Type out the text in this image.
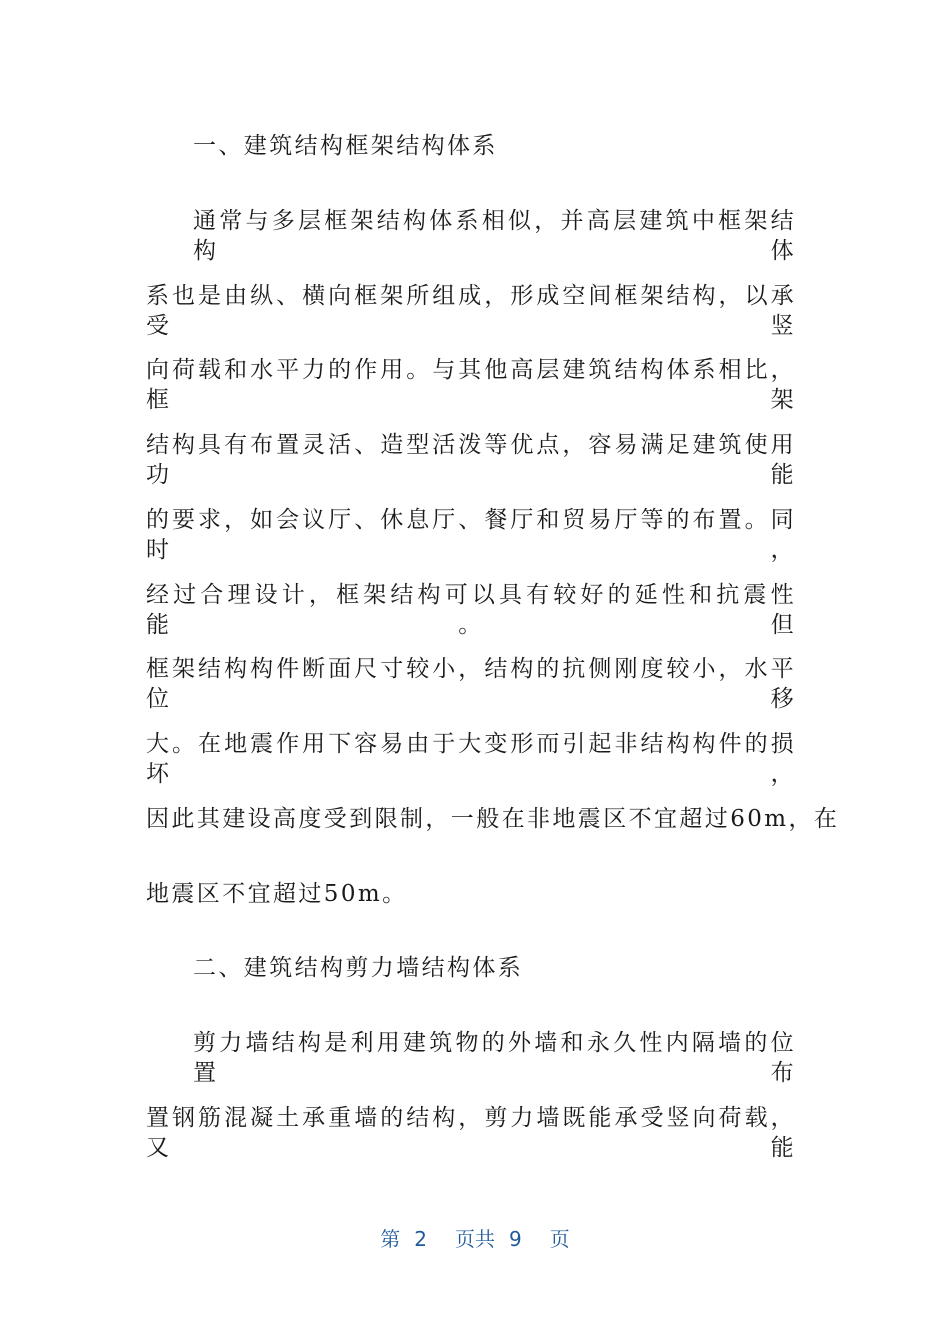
一、建筑结构框架结构体系
通常与多层框架结构体系相似，并高层建筑中框架结构体
系也是由纵、横向框架所组成，形成空间框架结构，以承受竖
向荷载和水平力的作用。与其他高层建筑结构体系相比，框架
结构具有布置灵活、造型活泼等优点，容易满足建筑使用功能
的要求，如会议厅、休息厅、餐厅和贸易厅等的布置。同时，
经过合理设计，框架结构可以具有较好的延性和抗震性能。但
框架结构构件断面尺寸较小，结构的抗侧刚度较小，水平位移
大。在地震作用下容易由于大变形而引起非结构构件的损坏，
因此其建设高度受到限制，一般在非地震区不宜超过60m，在
地震区不宜超过50m。
二、建筑结构剪力墙结构体系
剪力墙结构是利用建筑物的外墙和永久性内隔墙的位置布
置钢筋混凝土承重墙的结构，剪力墙既能承受竖向荷载，又能
第 2 页共 9 页
